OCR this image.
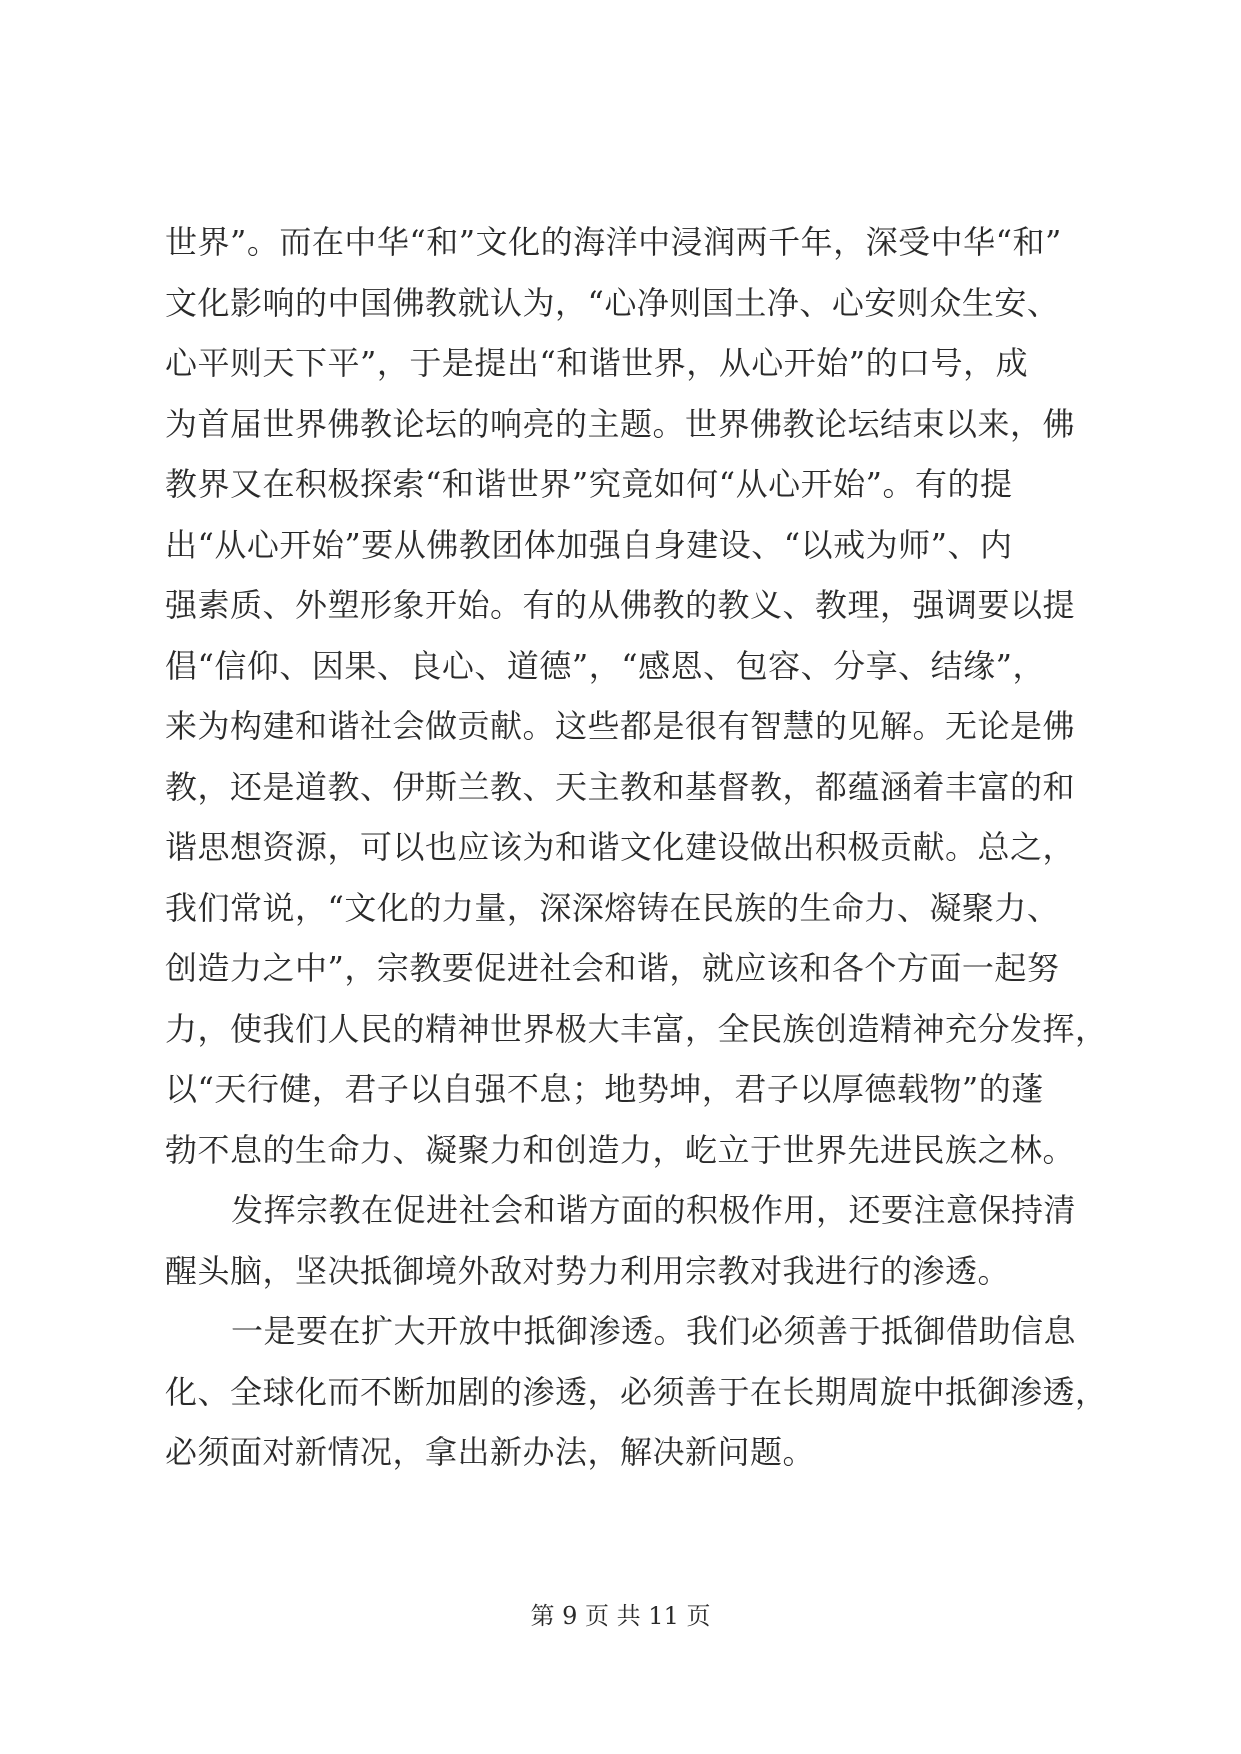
世界”。而在中华“和”文化的海洋中浸润两千年，深受中华“和”
文化影响的中国佛教就认为，“心净则国土净、心安则众生安、
心平则天下平”，于是提出“和谐世界，从心开始”的口号，成
为首届世界佛教论坛的响亮的主题。世界佛教论坛结束以来，佛
教界又在积极探索“和谐世界”究竟如何“从心开始”。有的提
出“从心开始”要从佛教团体加强自身建设、“以戒为师”、内
强素质、外塑形象开始。有的从佛教的教义、教理，强调要以提
倡“信仰、因果、良心、道德”，“感恩、包容、分享、结缘”，
来为构建和谐社会做贡献。这些都是很有智慧的见解。无论是佛
教，还是道教、伊斯兰教、天主教和基督教，都蕴涵着丰富的和
谐思想资源，可以也应该为和谐文化建设做出积极贡献。总之，
我们常说，“文化的力量，深深熔铸在民族的生命力、凝聚力、
创造力之中”，宗教要促进社会和谐，就应该和各个方面一起努
力，使我们人民的精神世界极大丰富，全民族创造精神充分发挥，
以“天行健，君子以自强不息；地势坤，君子以厚德载物”的蓬
勃不息的生命力、凝聚力和创造力，屹立于世界先进民族之林。
发挥宗教在促进社会和谐方面的积极作用，还要注意保持清
醒头脑，坚决抵御境外敌对势力利用宗教对我进行的渗透。
一是要在扩大开放中抵御渗透。我们必须善于抵御借助信息
化、全球化而不断加剧的渗透，必须善于在长期周旋中抵御渗透，
必须面对新情况，拿出新办法，解决新问题。
第 9 页 共 11 页
